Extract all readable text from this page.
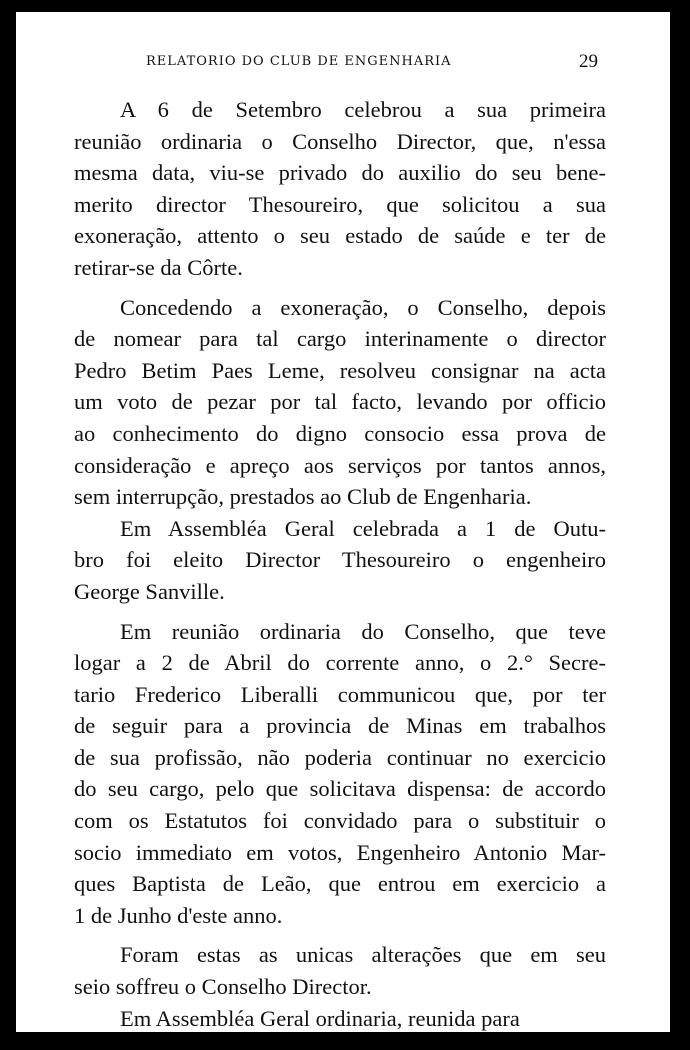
RELATORIO DO CLUB DE ENGENHARIA	29

A 6 de Setembro celebrou a sua primeira
reunião ordinaria o Conselho Director, que, n'essa
mesma data, viu-se privado do auxilio do seu bene-
merito director Thesoureiro, que solicitou a sua
exoneração, attento o seu estado de saúde e ter de
retirar-se da Côrte.

Concedendo a exoneração, o Conselho, depois
de nomear para tal cargo interinamente o director
Pedro Betim Paes Leme, resolveu consignar na acta
um voto de pezar por tal facto, levando por officio
ao conhecimento do digno consocio essa prova de
consideração e apreço aos serviços por tantos annos,
sem interrupção, prestados ao Club de Engenharia.

Em Assembléa Geral celebrada a 1 de Outu-
bro foi eleito Director Thesoureiro o engenheiro
George Sanville.

Em reunião ordinaria do Conselho, que teve
logar a 2 de Abril do corrente anno, o 2.° Secre-
tario Frederico Liberalli communicou que, por ter
de seguir para a provincia de Minas em trabalhos
de sua profissão, não poderia continuar no exercicio
do seu cargo, pelo que solicitava dispensa: de accordo
com os Estatutos foi convidado para o substituir o
socio immediato em votos, Engenheiro Antonio Mar-
ques Baptista de Leão, que entrou em exercicio a
1 de Junho d'este anno.

Foram estas as unicas alterações que em seu
seio soffreu o Conselho Director.

Em Assembléa Geral ordinaria, reunida para
